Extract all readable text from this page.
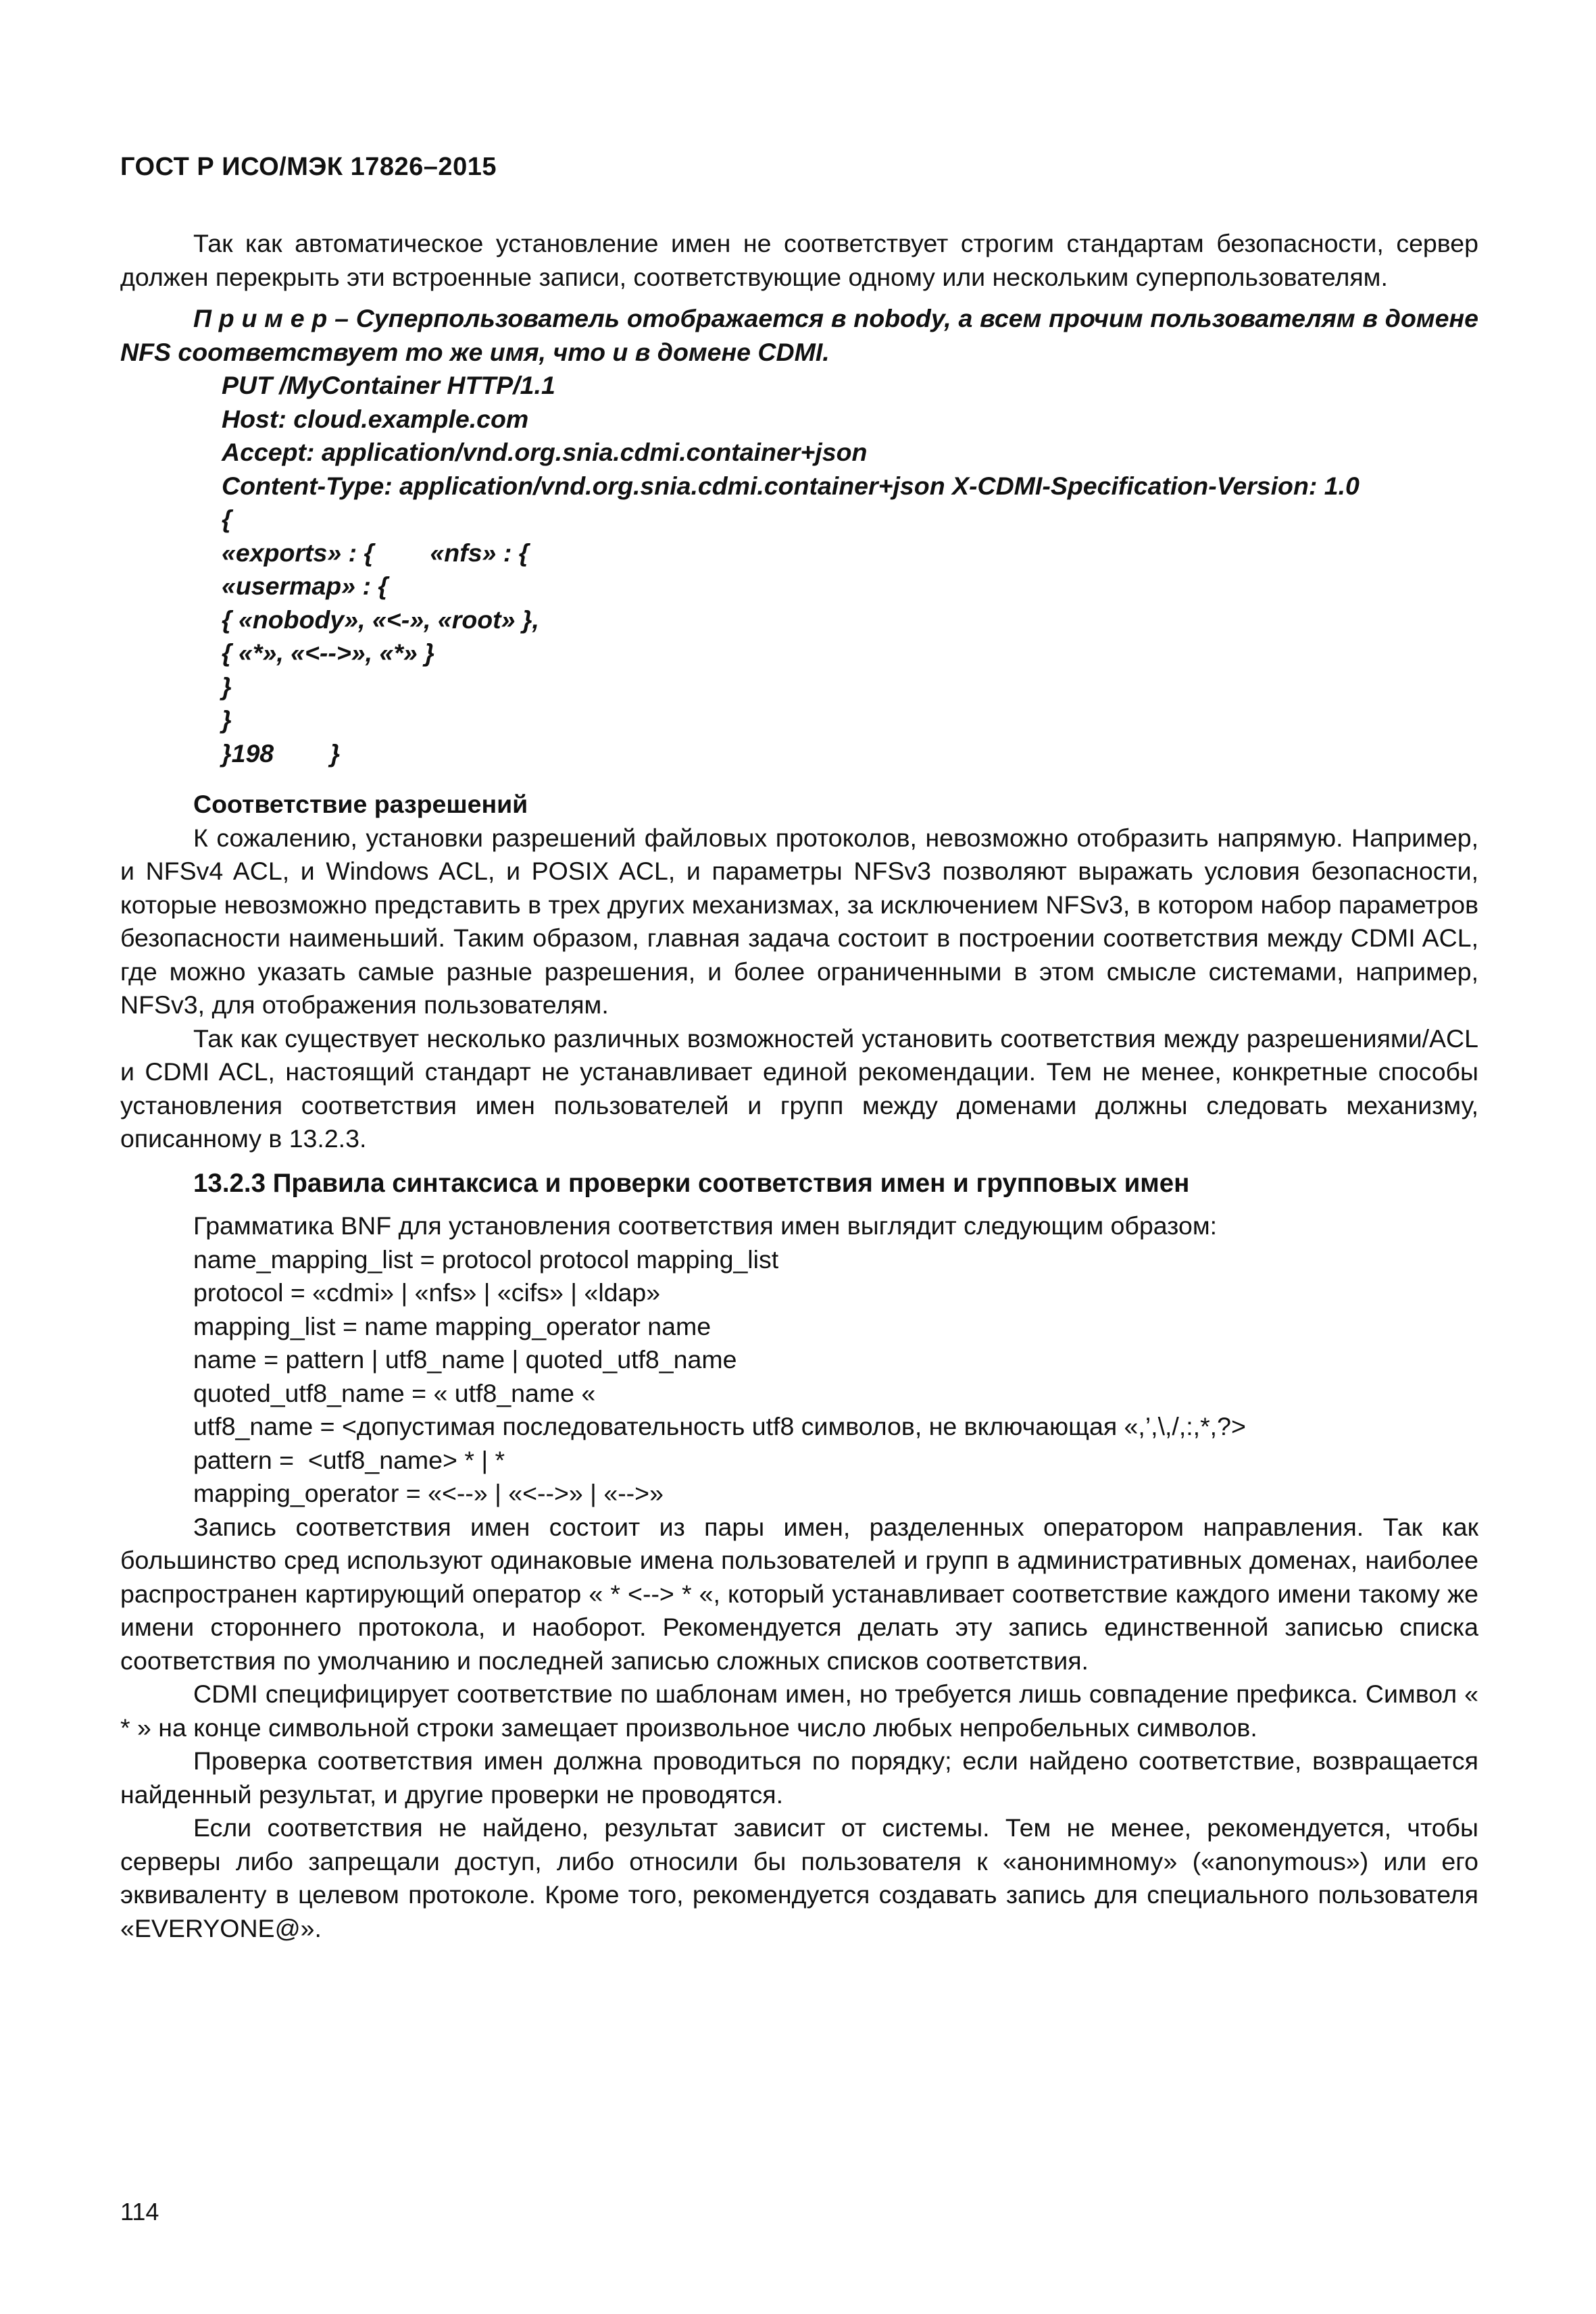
ГОСТ Р ИСО/МЭК 17826–2015

Так как автоматическое установление имен не соответствует строгим стандартам безопасности, сервер должен перекрыть эти встроенные записи, соответствующие одному или нескольким суперпользователям.

П р и м е р – Суперпользователь отображается в nobody, а всем прочим пользователям в домене NFS соответствует то же имя, что и в домене CDMI.

PUT /MyContainer HTTP/1.1
Host: cloud.example.com
Accept: application/vnd.org.snia.cdmi.container+json
Content-Type: application/vnd.org.snia.cdmi.container+json X-CDMI-Specification-Version: 1.0
{
«exports» : {        «nfs» : {
«usermap» : {
{ «nobody», «<-», «root» },
{ «*», «<-->», «*» }
}
}
}198        }
Соответствие разрешений

К сожалению, установки разрешений файловых протоколов, невозможно отобразить напрямую. Например, и NFSv4 ACL, и Windows ACL, и POSIX ACL, и параметры NFSv3 позволяют выражать условия безопасности, которые невозможно представить в трех других механизмах, за исключением NFSv3, в котором набор параметров безопасности наименьший. Таким образом, главная задача состоит в построении соответствия между CDMI ACL, где можно указать самые разные разрешения, и более ограниченными в этом смысле системами, например, NFSv3, для отображения пользователям.

Так как существует несколько различных возможностей установить соответствия между разрешениями/ACL и CDMI ACL, настоящий стандарт не устанавливает единой рекомендации. Тем не менее, конкретные способы установления соответствия имен пользователей и групп между доменами должны следовать механизму, описанному в 13.2.3.

13.2.3 Правила синтаксиса и проверки соответствия имен и групповых имен
Грамматика BNF для установления соответствия имен выглядит следующим образом:
name_mapping_list = protocol protocol mapping_list
protocol = «cdmi» | «nfs» | «cifs» | «ldap»
mapping_list = name mapping_operator name
name = pattern | utf8_name | quoted_utf8_name
quoted_utf8_name = « utf8_name «
utf8_name = <допустимая последовательность utf8 символов, не включающая «,’,\,/,:,*,?>
pattern =  <utf8_name> * | *
mapping_operator = «<--» | «<-->» | «-->»

Запись соответствия имен состоит из пары имен, разделенных оператором направления. Так как большинство сред используют одинаковые имена пользователей и групп в административных доменах, наиболее распространен картирующий оператор « * <--> * «, который устанавливает соответствие каждого имени такому же имени стороннего протокола, и наоборот. Рекомендуется делать эту запись единственной записью списка соответствия по умолчанию и последней записью сложных списков соответствия.

CDMI специфицирует соответствие по шаблонам имен, но требуется лишь совпадение префикса. Символ « * » на конце символьной строки замещает произвольное число любых непробельных символов.

Проверка соответствия имен должна проводиться по порядку; если найдено соответствие, возвращается найденный результат, и другие проверки не проводятся.

Если соответствия не найдено, результат зависит от системы. Тем не менее, рекомендуется, чтобы серверы либо запрещали доступ, либо относили бы пользователя к «анонимному» («anonymous») или его эквиваленту в целевом протоколе. Кроме того, рекомендуется создавать запись для специального пользователя «EVERYONE@».

114
